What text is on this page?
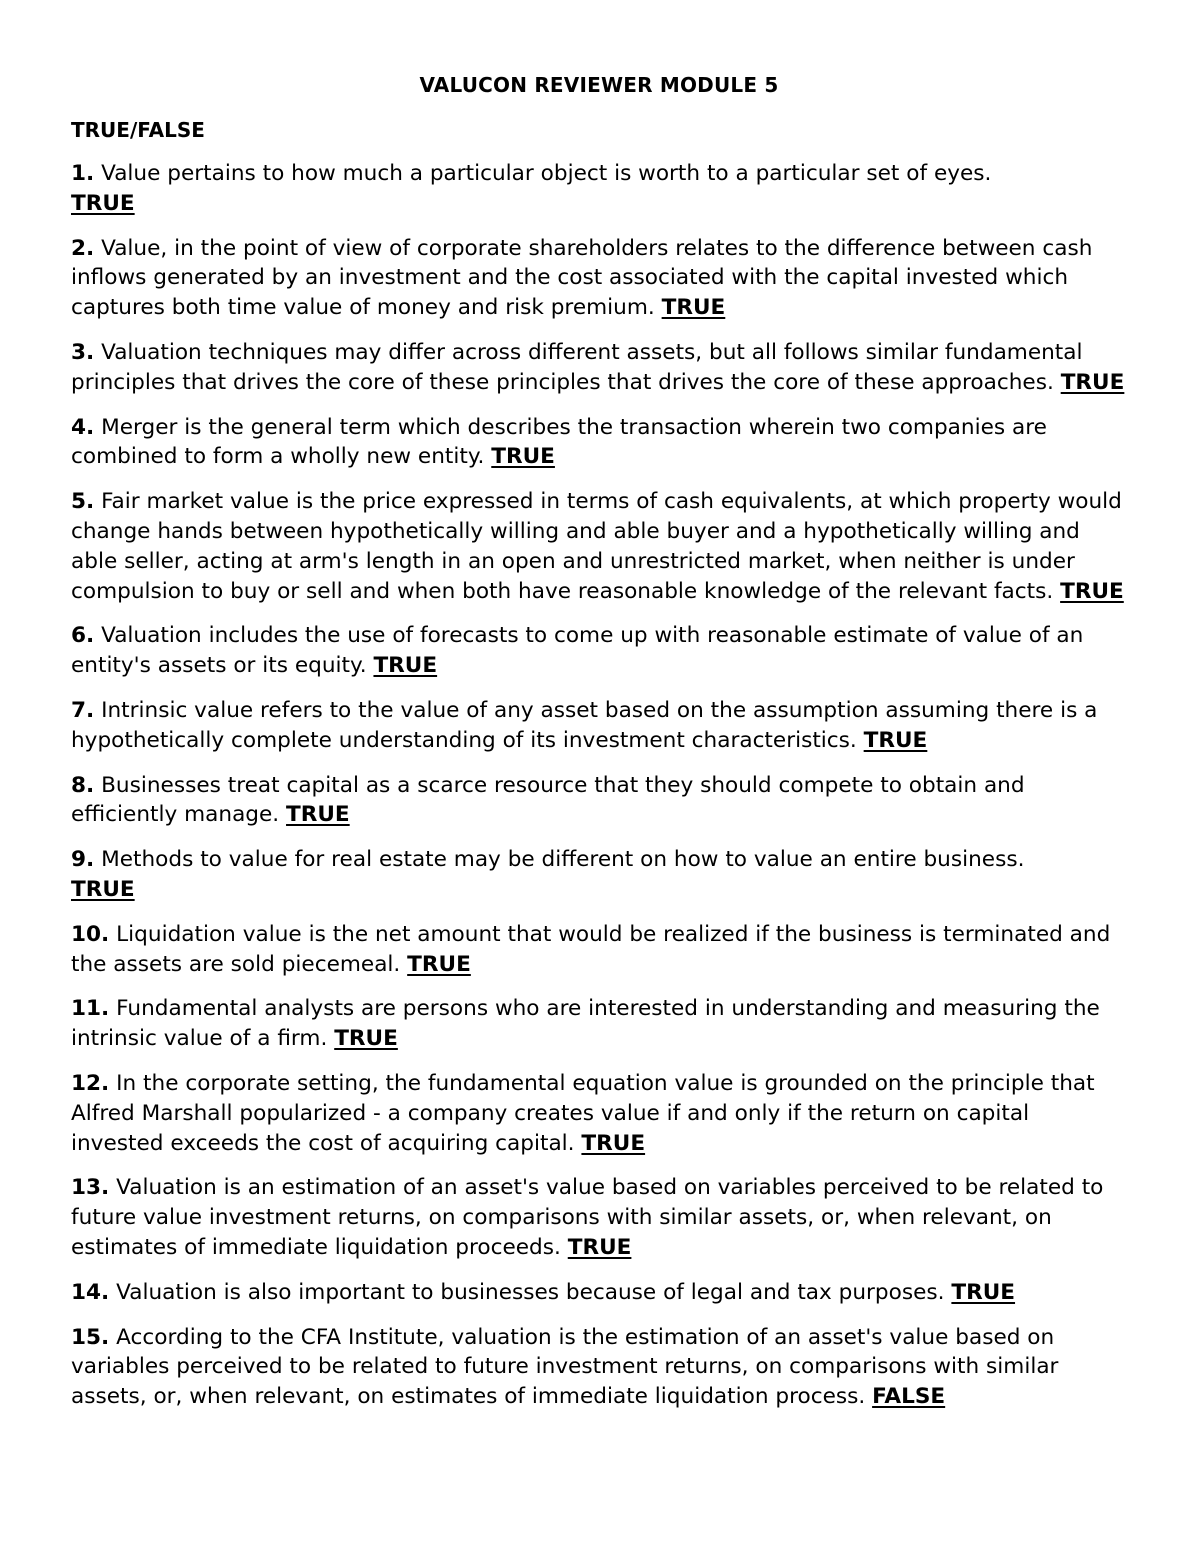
VALUCON REVIEWER MODULE 5
TRUE/FALSE
1. Value pertains to how much a particular object is worth to a particular set of eyes.
TRUE
2. Value, in the point of view of corporate shareholders relates to the difference between cash inflows generated by an investment and the cost associated with the capital invested which captures both time value of money and risk premium. TRUE
3. Valuation techniques may differ across different assets, but all follows similar fundamental principles that drives the core of these principles that drives the core of these approaches. TRUE
4. Merger is the general term which describes the transaction wherein two companies are combined to form a wholly new entity. TRUE
5. Fair market value is the price expressed in terms of cash equivalents, at which property would change hands between hypothetically willing and able buyer and a hypothetically willing and able seller, acting at arm's length in an open and unrestricted market, when neither is under compulsion to buy or sell and when both have reasonable knowledge of the relevant facts. TRUE
6. Valuation includes the use of forecasts to come up with reasonable estimate of value of an entity's assets or its equity. TRUE
7. Intrinsic value refers to the value of any asset based on the assumption assuming there is a hypothetically complete understanding of its investment characteristics. TRUE
8. Businesses treat capital as a scarce resource that they should compete to obtain and efficiently manage. TRUE
9. Methods to value for real estate may be different on how to value an entire business.
TRUE
10. Liquidation value is the net amount that would be realized if the business is terminated and the assets are sold piecemeal. TRUE
11. Fundamental analysts are persons who are interested in understanding and measuring the intrinsic value of a firm. TRUE
12. In the corporate setting, the fundamental equation value is grounded on the principle that Alfred Marshall popularized - a company creates value if and only if the return on capital invested exceeds the cost of acquiring capital. TRUE
13. Valuation is an estimation of an asset's value based on variables perceived to be related to future value investment returns, on comparisons with similar assets, or, when relevant, on estimates of immediate liquidation proceeds. TRUE
14. Valuation is also important to businesses because of legal and tax purposes. TRUE
15. According to the CFA Institute, valuation is the estimation of an asset's value based on variables perceived to be related to future investment returns, on comparisons with similar assets, or, when relevant, on estimates of immediate liquidation process. FALSE
